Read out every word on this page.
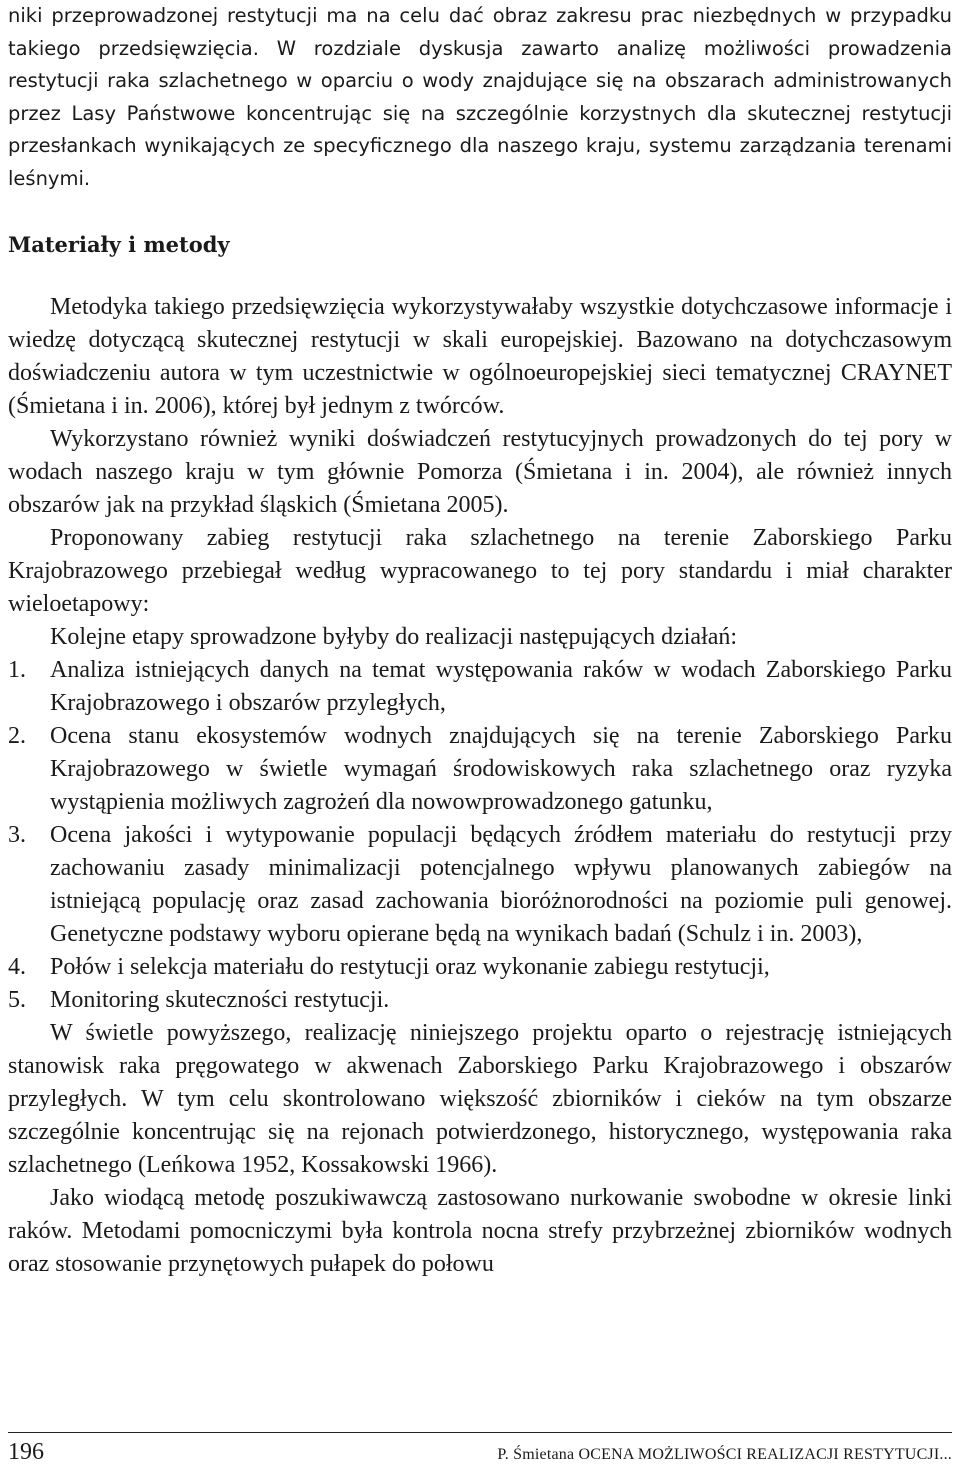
niki przeprowadzonej restytucji ma na celu dać obraz zakresu prac niezbędnych w przypadku takiego przedsięwzięcia. W rozdziale dyskusja zawarto analizę możliwości prowadzenia restytucji raka szlachetnego w oparciu o wody znajdujące się na obszarach administrowanych przez Lasy Państwowe koncentrując się na szczególnie korzystnych dla skutecznej restytucji przesłankach wynikających ze specyficznego dla naszego kraju, systemu zarządzania terenami leśnymi.

Materiały i metody

Metodyka takiego przedsięwzięcia wykorzystywałaby wszystkie dotychczasowe informacje i wiedzę dotyczącą skutecznej restytucji w skali europejskiej. Bazowano na dotychczasowym doświadczeniu autora w tym uczestnictwie w ogólnoeuropejskiej sieci tematycznej CRAYNET (Śmietana i in. 2006), której był jednym z twórców.

Wykorzystano również wyniki doświadczeń restytucyjnych prowadzonych do tej pory w wodach naszego kraju w tym głównie Pomorza (Śmietana i in. 2004), ale również innych obszarów jak na przykład śląskich (Śmietana 2005).

Proponowany zabieg restytucji raka szlachetnego na terenie Zaborskiego Parku Krajobrazowego przebiegał według wypracowanego to tej pory standardu i miał charakter wieloetapowy:

Kolejne etapy sprowadzone byłyby do realizacji następujących działań:

1. Analiza istniejących danych na temat występowania raków w wodach Zaborskiego Parku Krajobrazowego i obszarów przyległych,
2. Ocena stanu ekosystemów wodnych znajdujących się na terenie Zaborskiego Parku Krajobrazowego w świetle wymagań środowiskowych raka szlachetnego oraz ryzyka wystąpienia możliwych zagrożeń dla nowowprowadzonego gatunku,
3. Ocena jakości i wytypowanie populacji będących źródłem materiału do restytucji przy zachowaniu zasady minimalizacji potencjalnego wpływu planowanych zabiegów na istniejącą populację oraz zasad zachowania bioróżnorodności na poziomie puli genowej. Genetyczne podstawy wyboru opierane będą na wynikach badań (Schulz i in. 2003),
4. Połów i selekcja materiału do restytucji oraz wykonanie zabiegu restytucji,
5. Monitoring skuteczności restytucji.

W świetle powyższego, realizację niniejszego projektu oparto o rejestrację istniejących stanowisk raka pręgowatego w akwenach Zaborskiego Parku Krajobrazowego i obszarów przyległych. W tym celu skontrolowano większość zbiorników i cieków na tym obszarze szczególnie koncentrując się na rejonach potwierdzonego, historycznego, występowania raka szlachetnego (Leńkowa 1952, Kossakowski 1966).

Jako wiodącą metodę poszukiwawczą zastosowano nurkowanie swobodne w okresie linki raków. Metodami pomocniczymi była kontrola nocna strefy przybrzeżnej zbiorników wodnych oraz stosowanie przynętowych pułapek do połowu

196	P. Śmietana OCENA MOŻLIWOŚCI REALIZACJI RESTYTUCJI...
